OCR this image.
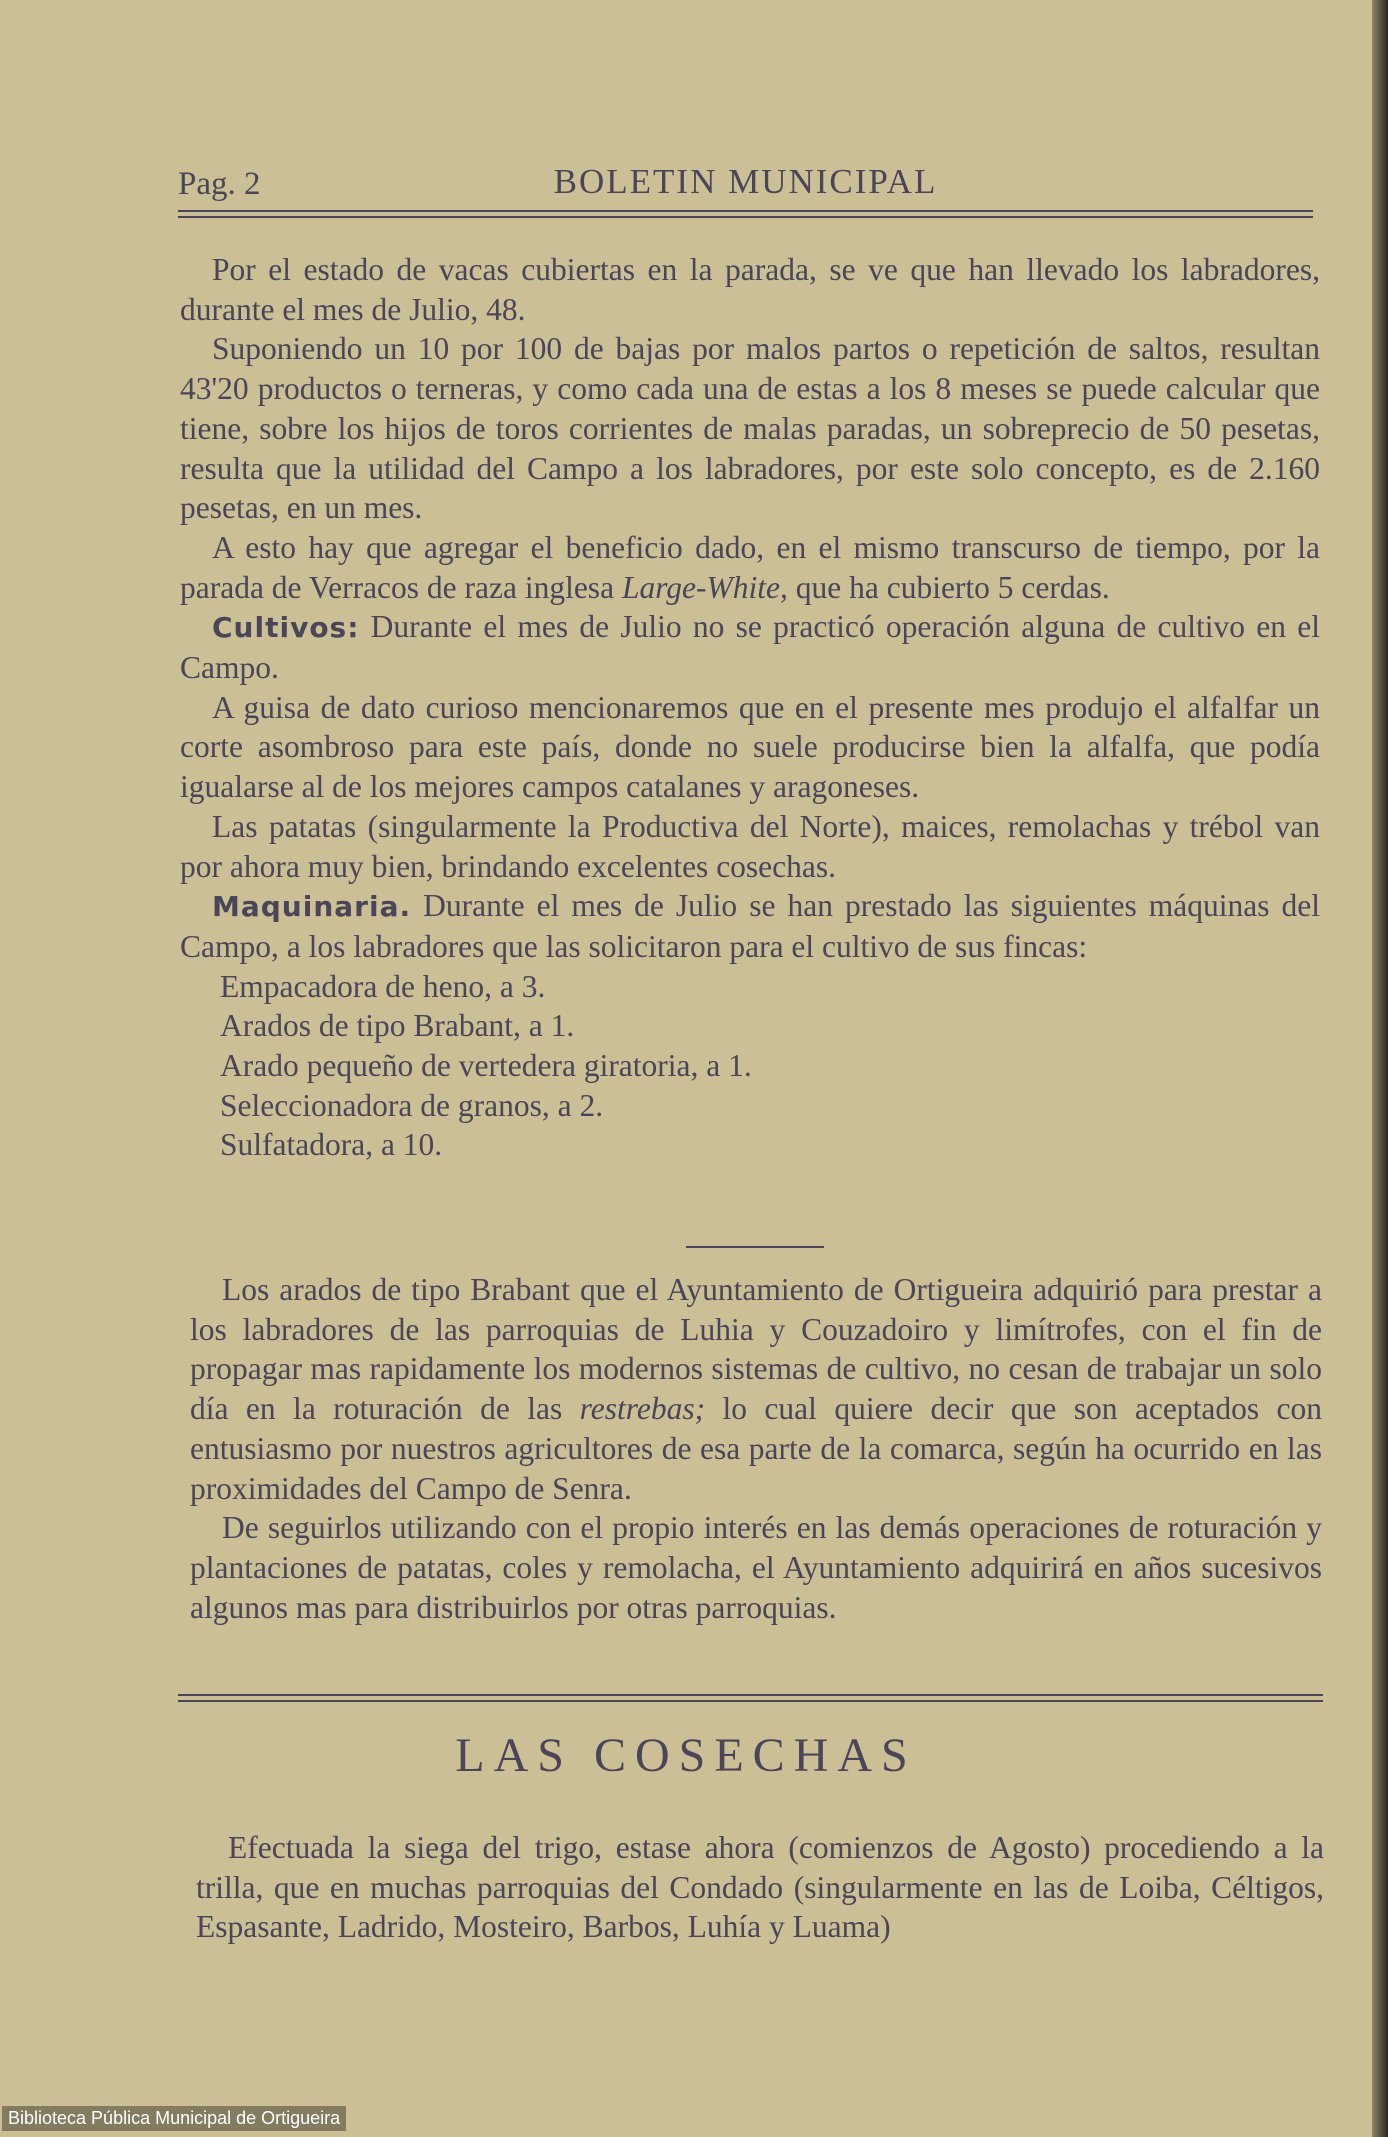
Pag. 2	BOLETIN MUNICIPAL

Por el estado de vacas cubiertas en la parada, se ve que han llevado los labradores, durante el mes de Julio, 48.

Suponiendo un 10 por 100 de bajas por malos partos o repetición de saltos, resultan 43'20 productos o terneras, y como cada una de estas a los 8 meses se puede calcular que tiene, sobre los hijos de toros corrientes de malas paradas, un sobreprecio de 50 pesetas, resulta que la utilidad del Campo a los labradores, por este solo concepto, es de 2.160 pesetas, en un mes.

A esto hay que agregar el beneficio dado, en el mismo transcurso de tiempo, por la parada de Verracos de raza inglesa Large-White, que ha cubierto 5 cerdas.

Cultivos: Durante el mes de Julio no se practicó operación alguna de cultivo en el Campo.

A guisa de dato curioso mencionaremos que en el presente mes produjo el alfalfar un corte asombroso para este país, donde no suele producirse bien la alfalfa, que podía igualarse al de los mejores campos catalanes y aragoneses.

Las patatas (singularmente la Productiva del Norte), maices, remolachas y trébol van por ahora muy bien, brindando excelentes cosechas.

Maquinaria. Durante el mes de Julio se han prestado las siguientes máquinas del Campo, a los labradores que las solicitaron para el cultivo de sus fincas:

Empacadora de heno, a 3.

Arados de tipo Brabant, a 1.

Arado pequeño de vertedera giratoria, a 1.

Seleccionadora de granos, a 2.

Sulfatadora, a 10.

Los arados de tipo Brabant que el Ayuntamiento de Ortigueira adquirió para prestar a los labradores de las parroquias de Luhia y Couzadoiro y limítrofes, con el fin de propagar mas rapidamente los modernos sistemas de cultivo, no cesan de trabajar un solo día en la roturación de las restrebas; lo cual quiere decir que son aceptados con entusiasmo por nuestros agricultores de esa parte de la comarca, según ha ocurrido en las proximidades del Campo de Senra.

De seguirlos utilizando con el propio interés en las demás operaciones de roturación y plantaciones de patatas, coles y remolacha, el Ayuntamiento adquirirá en años sucesivos algunos mas para distribuirlos por otras parroquias.

LAS COSECHAS

Efectuada la siega del trigo, estase ahora (comienzos de Agosto) procediendo a la trilla, que en muchas parroquias del Condado (singularmente en las de Loiba, Céltigos, Espasante, Ladrido, Mosteiro, Barbos, Luhía y Luama)

Biblioteca Pública Municipal de Ortigueira
